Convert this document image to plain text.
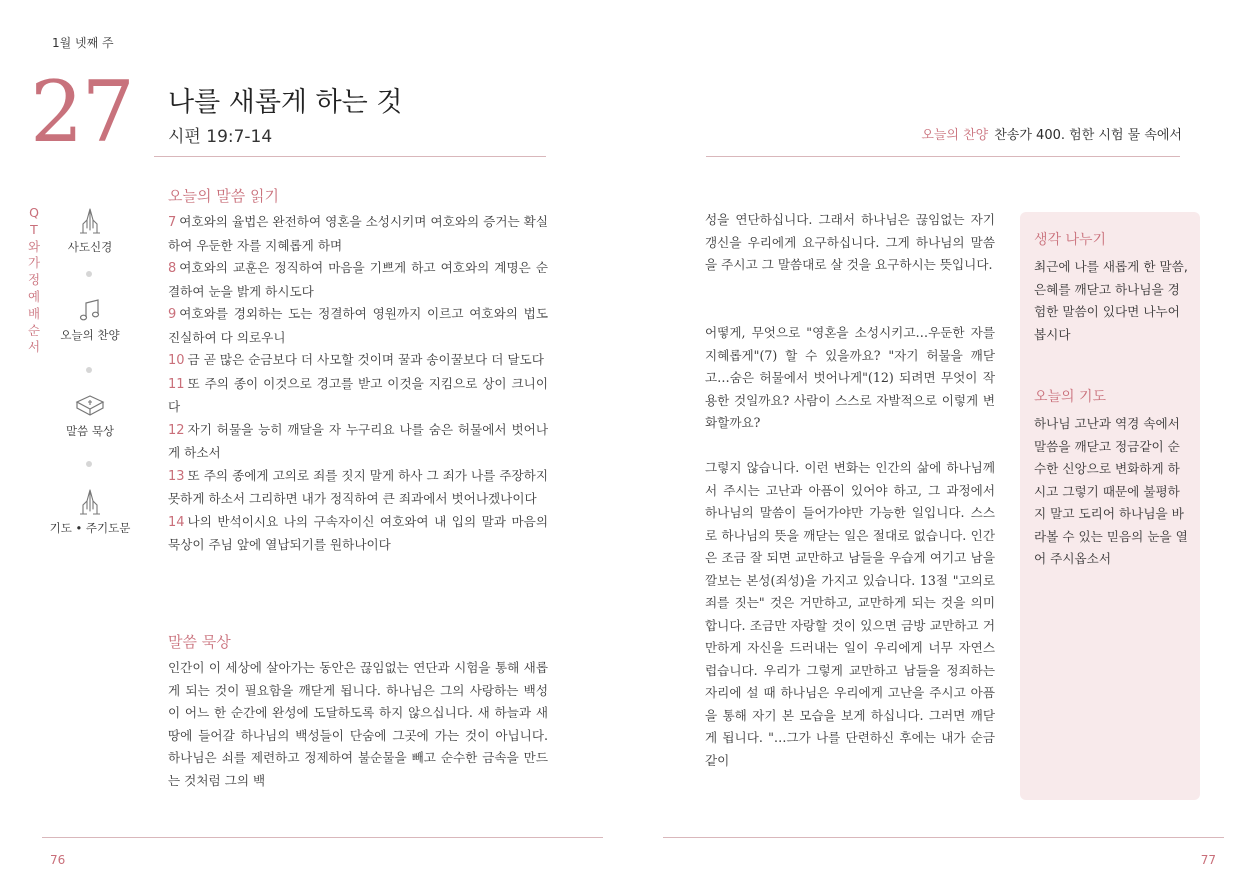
1월 넷째 주
27 나를 새롭게 하는 것
시편 19:7-14	오늘의 찬양 찬송가 400. 험한 시험 물 속에서
QT와 가정예배 순서
사도신경
오늘의 찬양
말씀 묵상
기도 • 주기도문
오늘의 말씀 읽기
7 여호와의 율법은 완전하여 영혼을 소성시키며 여호와의 증거는 확실하여 우둔한 자를 지혜롭게 하며
8 여호와의 교훈은 정직하여 마음을 기쁘게 하고 여호와의 계명은 순결하여 눈을 밝게 하시도다
9 여호와를 경외하는 도는 정결하여 영원까지 이르고 여호와의 법도 진실하여 다 의로우니
10 금 곧 많은 순금보다 더 사모할 것이며 꿀과 송이꿀보다 더 달도다
11 또 주의 종이 이것으로 경고를 받고 이것을 지킴으로 상이 크니이다
12 자기 허물을 능히 깨달을 자 누구리요 나를 숨은 허물에서 벗어나게 하소서
13 또 주의 종에게 고의로 죄를 짓지 말게 하사 그 죄가 나를 주장하지 못하게 하소서 그리하면 내가 정직하여 큰 죄과에서 벗어나겠나이다
14 나의 반석이시요 나의 구속자이신 여호와여 내 입의 말과 마음의 묵상이 주님 앞에 열납되기를 원하나이다
말씀 묵상

인간이 이 세상에 살아가는 동안은 끊임없는 연단과 시험을 통해 새롭게 되는 것이 필요함을 깨닫게 됩니다. 하나님은 그의 사랑하는 백성이 어느 한 순간에 완성에 도달하도록 하지 않으십니다. 새 하늘과 새 땅에 들어갈 하나님의 백성들이 단숨에 그곳에 가는 것이 아닙니다. 하나님은 쇠를 제련하고 정제하여 불순물을 빼고 순수한 금속을 만드는 것처럼 그의 백

성을 연단하십니다. 그래서 하나님은 끊임없는 자기 갱신을 우리에게 요구하십니다. 그게 하나님의 말씀을 주시고 그 말씀대로 살 것을 요구하시는 뜻입니다.

어떻게, 무엇으로 "영혼을 소성시키고…우둔한 자를 지혜롭게"(7) 할 수 있을까요? "자기 허물을 깨닫고…숨은 허물에서 벗어나게"(12) 되려면 무엇이 작용한 것일까요? 사람이 스스로 자발적으로 이렇게 변화할까요?

그렇지 않습니다. 이런 변화는 인간의 삶에 하나님께서 주시는 고난과 아픔이 있어야 하고, 그 과정에서 하나님의 말씀이 들어가야만 가능한 일입니다. 스스로 하나님의 뜻을 깨닫는 일은 절대로 없습니다. 인간은 조금 잘 되면 교만하고 남들을 우습게 여기고 남을 깔보는 본성(죄성)을 가지고 있습니다. 13절 "고의로 죄를 짓는" 것은 거만하고, 교만하게 되는 것을 의미합니다. 조금만 자랑할 것이 있으면 금방 교만하고 거만하게 자신을 드러내는 일이 우리에게 너무 자연스럽습니다. 우리가 그렇게 교만하고 남들을 정죄하는 자리에 설 때 하나님은 우리에게 고난을 주시고 아픔을 통해 자기 본 모습을 보게 하십니다. 그러면 깨닫게 됩니다. "…그가 나를 단련하신 후에는 내가 순금같이

생각 나누기

최근에 나를 새롭게 한 말씀, 은혜를 깨닫고 하나님을 경험한 말씀이 있다면 나누어 봅시다

오늘의 기도

하나님 고난과 역경 속에서 말씀을 깨닫고 정금같이 순수한 신앙으로 변화하게 하시고 그렇기 때문에 불평하지 말고 도리어 하나님을 바라볼 수 있는 믿음의 눈을 열어 주시옵소서

76	77
